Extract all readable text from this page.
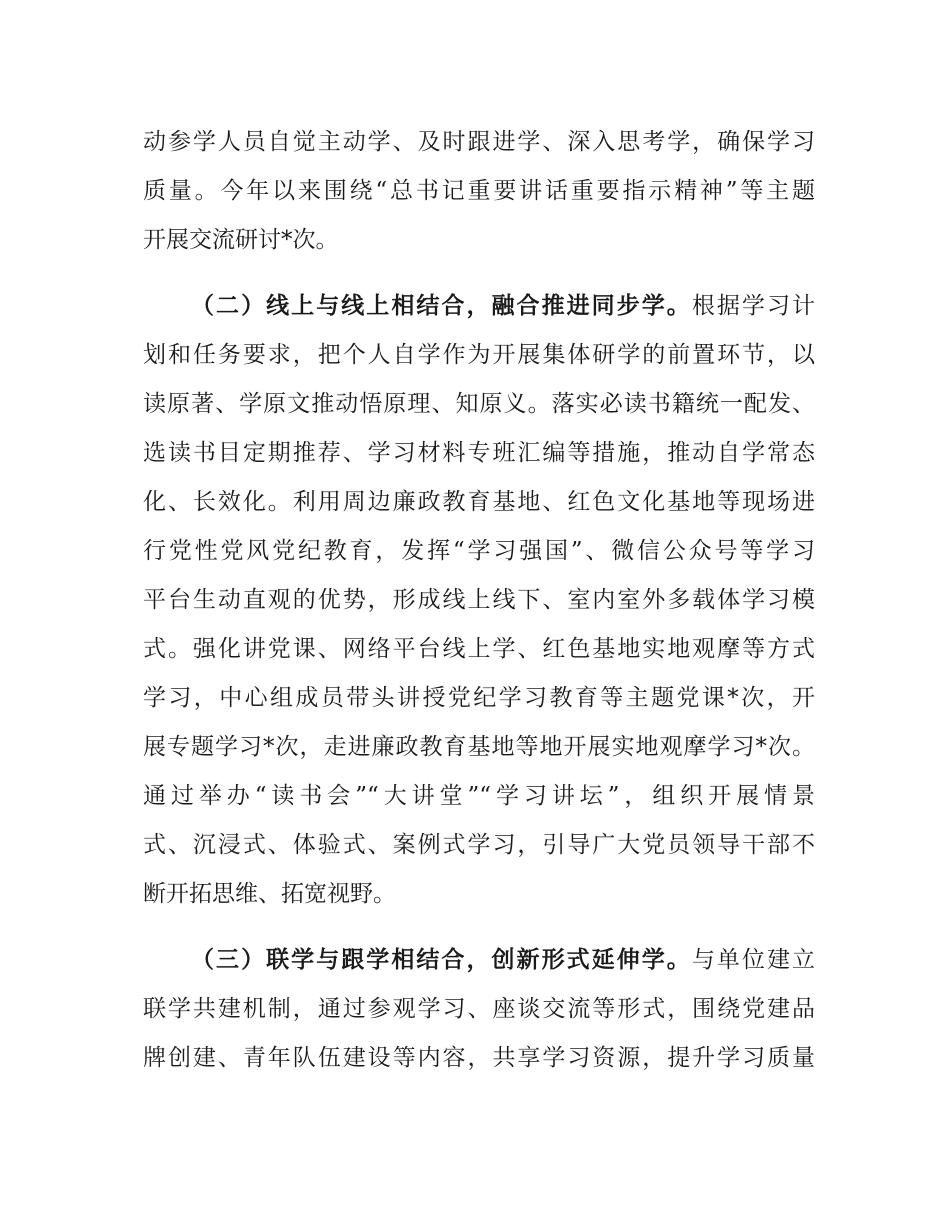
动参学人员自觉主动学、及时跟进学、深入思考学，确保学习
质量。今年以来围绕“总书记重要讲话重要指示精神”等主题
开展交流研讨*次。
（二）线上与线上相结合，融合推进同步学。根据学习计
划和任务要求，把个人自学作为开展集体研学的前置环节，以
读原著、学原文推动悟原理、知原义。落实必读书籍统一配发、
选读书目定期推荐、学习材料专班汇编等措施，推动自学常态
化、长效化。利用周边廉政教育基地、红色文化基地等现场进
行党性党风党纪教育，发挥“学习强国”、微信公众号等学习
平台生动直观的优势，形成线上线下、室内室外多载体学习模
式。强化讲党课、网络平台线上学、红色基地实地观摩等方式
学习，中心组成员带头讲授党纪学习教育等主题党课*次，开
展专题学习*次，走进廉政教育基地等地开展实地观摩学习*次。
通过举办“读书会”“大讲堂”“学习讲坛”，组织开展情景
式、沉浸式、体验式、案例式学习，引导广大党员领导干部不
断开拓思维、拓宽视野。
（三）联学与跟学相结合，创新形式延伸学。与单位建立
联学共建机制，通过参观学习、座谈交流等形式，围绕党建品
牌创建、青年队伍建设等内容，共享学习资源，提升学习质量
